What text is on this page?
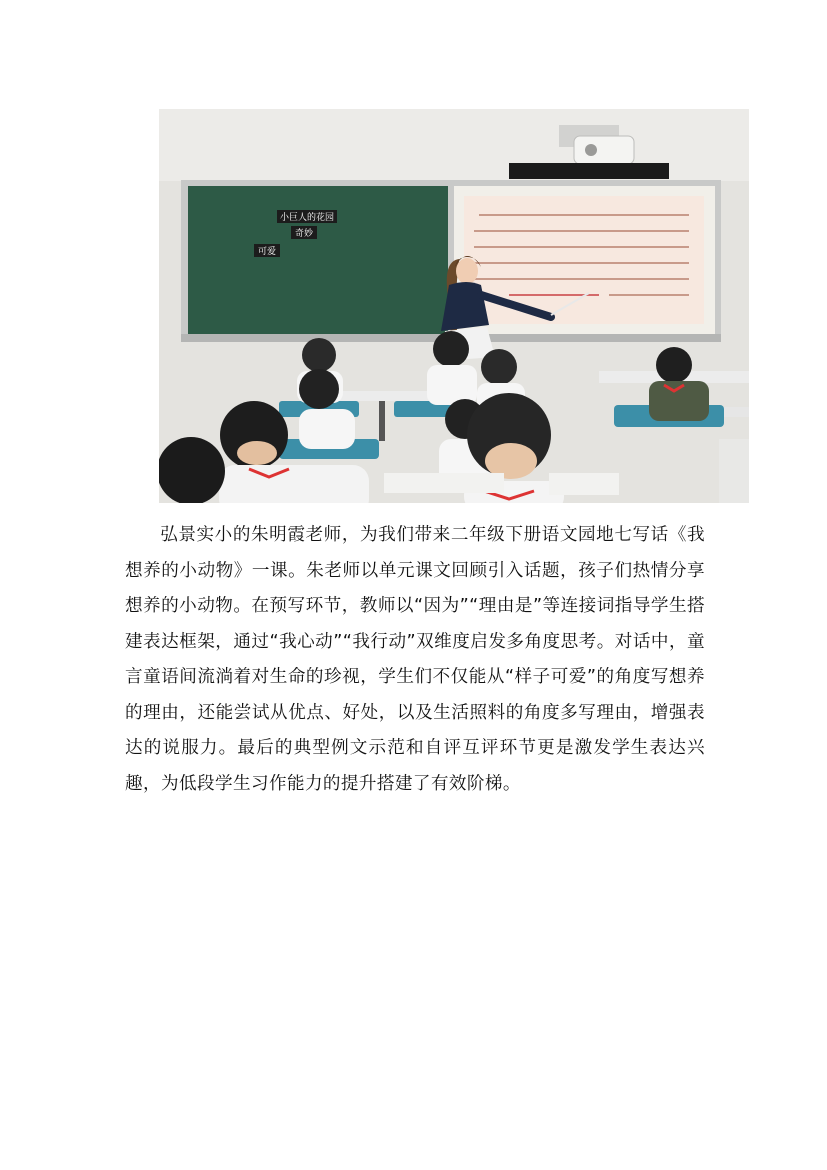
小巨人的花园
奇妙
可爱

弘景实小的朱明霞老师，为我们带来二年级下册语文园地七写话《我想养的小动物》一课。朱老师以单元课文回顾引入话题，孩子们热情分享想养的小动物。在预写环节，教师以“因为”“理由是”等连接词指导学生搭建表达框架，通过“我心动”“我行动”双维度启发多角度思考。对话中，童言童语间流淌着对生命的珍视，学生们不仅能从“样子可爱”的角度写想养的理由，还能尝试从优点、好处，以及生活照料的角度多写理由，增强表达的说服力。最后的典型例文示范和自评互评环节更是激发学生表达兴趣，为低段学生习作能力的提升搭建了有效阶梯。
